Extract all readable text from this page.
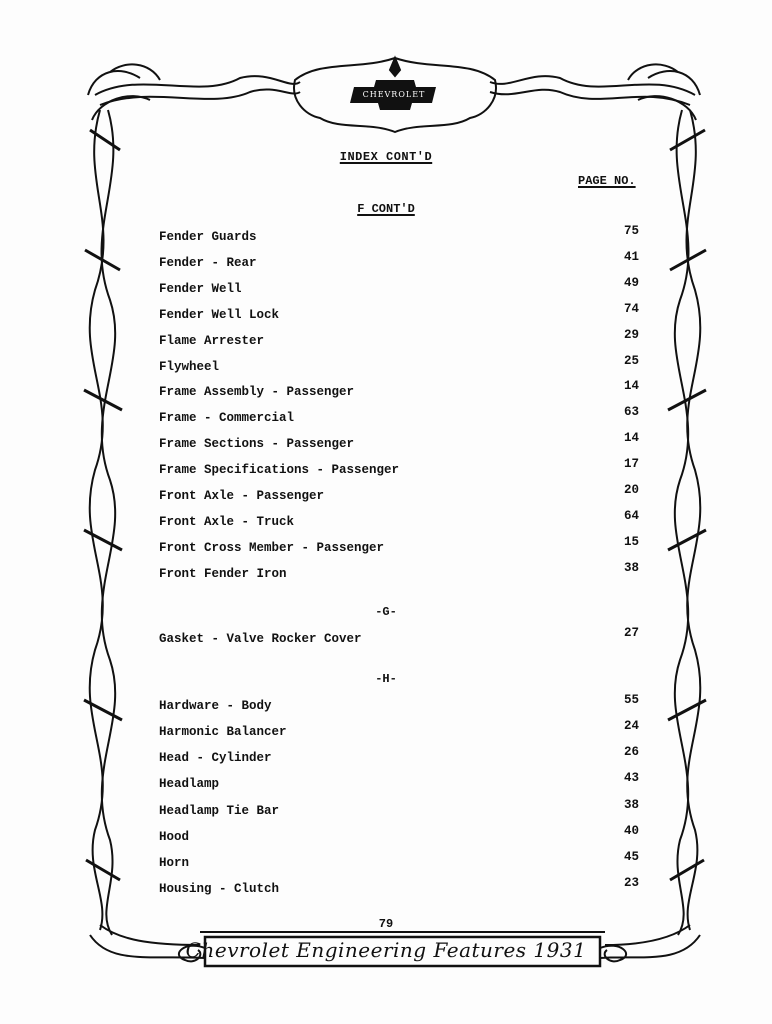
CHEVROLET
INDEX CONT'D
PAGE NO.
F CONT'D
Fender Guards	75
Fender - Rear	41
Fender Well	49
Fender Well Lock	74
Flame Arrester	29
Flywheel	25
Frame Assembly - Passenger	14
Frame - Commercial	63
Frame Sections - Passenger	14
Frame Specifications - Passenger	17
Front Axle - Passenger	20
Front Axle - Truck	64
Front Cross Member - Passenger	15
Front Fender Iron	38
-G-
Gasket - Valve Rocker Cover	27
-H-
Hardware - Body	55
Harmonic Balancer	24
Head - Cylinder	26
Headlamp	43
Headlamp Tie Bar	38
Hood	40
Horn	45
Housing - Clutch	23
79
Chevrolet Engineering Features 1931
